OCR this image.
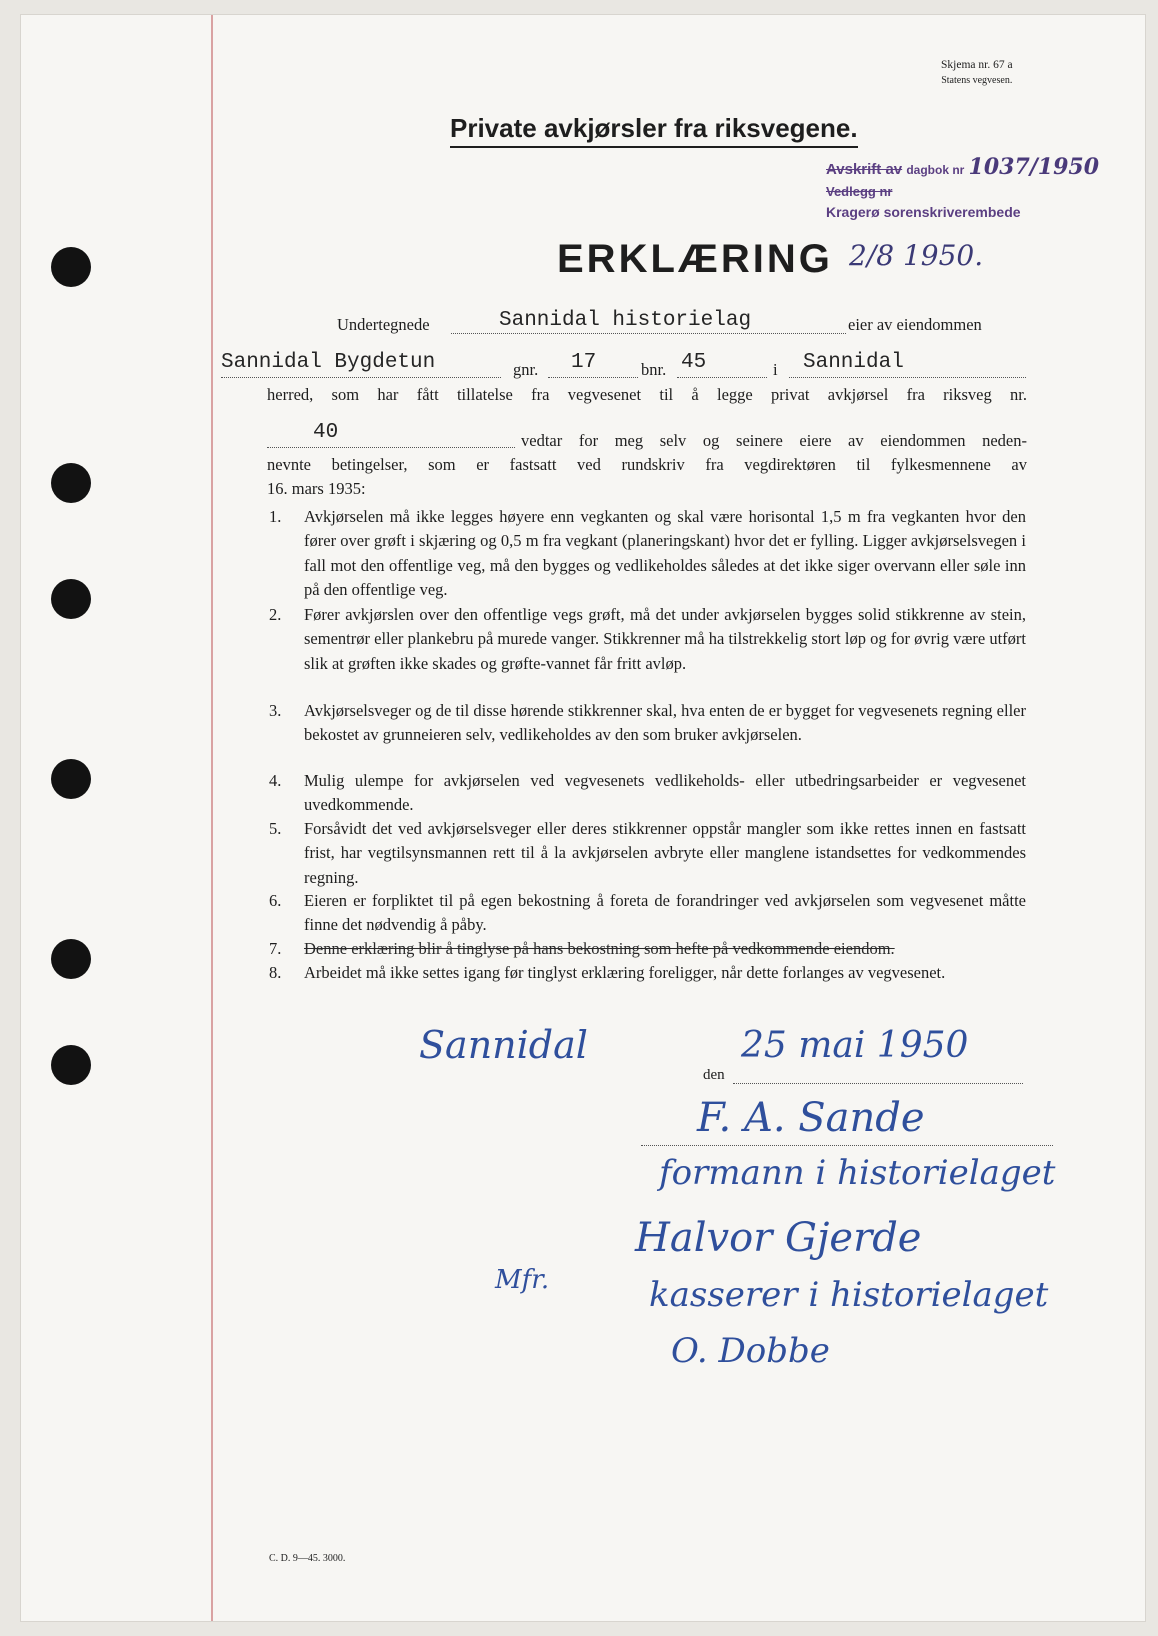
Skjema nr. 67 a
Statens vegvesen.
Private avkjørsler fra riksvegene.
Avskrift av dagbok nr 1037/1950
Vedlegg nr
Kragerø sorenskriverembede
2/8 1950.
ERKLÆRING
Undertegnede	Sannidal historielag	eier av eiendommen
Sannidal Bygdetun	gnr. 17	bnr. 45	i Sannidal
herred, som har fått tillatelse fra vegvesenet til å legge privat avkjørsel fra riksveg nr.
40	vedtar for meg selv og seinere eiere av eiendommen neden-
nevnte betingelser, som er fastsatt ved rundskriv fra vegdirektøren til fylkesmennene av
16. mars 1935:
1. Avkjørselen må ikke legges høyere enn vegkanten og skal være horisontal 1,5 m fra vegkanten hvor den fører over grøft i skjæring og 0,5 m fra vegkant (planeringskant) hvor det er fylling. Ligger avkjørselsvegen i fall mot den offentlige veg, må den bygges og vedlikeholdes således at det ikke siger overvann eller søle inn på den offentlige veg.
2. Fører avkjørslen over den offentlige vegs grøft, må det under avkjørselen bygges solid stikkrenne av stein, sementrør eller plankebru på murede vanger. Stikkrenner må ha tilstrekkelig stort løp og for øvrig være utført slik at grøften ikke skades og grøfte-vannet får fritt avløp.
3. Avkjørselsveger og de til disse hørende stikkrenner skal, hva enten de er bygget for vegvesenets regning eller bekostet av grunneieren selv, vedlikeholdes av den som bruker avkjørselen.
4. Mulig ulempe for avkjørselen ved vegvesenets vedlikeholds- eller utbedringsarbeider er vegvesenet uvedkommende.
5. Forsåvidt det ved avkjørselsveger eller deres stikkrenner oppstår mangler som ikke rettes innen en fastsatt frist, har vegtilsynsmannen rett til å la avkjørselen avbryte eller manglene istandsettes for vedkommendes regning.
6. Eieren er forpliktet til på egen bekostning å foreta de forandringer ved avkjørselen som vegvesenet måtte finne det nødvendig å påby.
7. Denne erklæring blir å tinglyse på hans bekostning som hefte på vedkommende eiendom.
8. Arbeidet må ikke settes igang før tinglyst erklæring foreligger, når dette forlanges av vegvesenet.
Sannidal
den
25 mai 1950
F. A. Sande
formann i historielaget
Halvor Gjerde
kasserer i historielaget
O. Dobbe
Mfr.
C. D. 9—45. 3000.
